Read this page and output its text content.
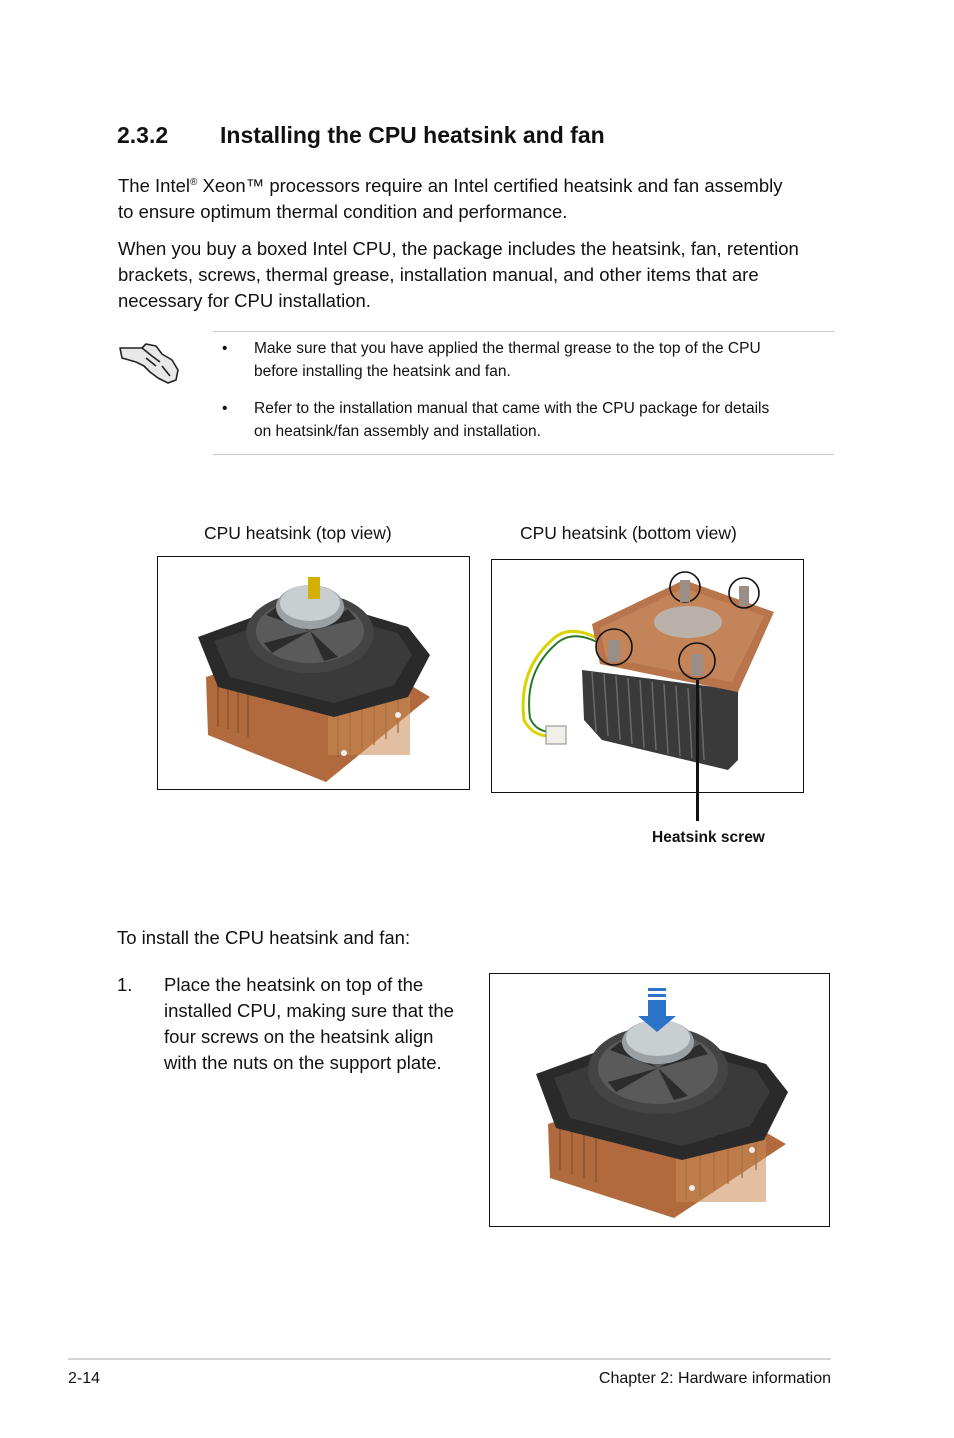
2.3.2 Installing the CPU heatsink and fan

The Intel® Xeon™ processors require an Intel certified heatsink and fan assembly
to ensure optimum thermal condition and performance.

When you buy a boxed Intel CPU, the package includes the heatsink, fan, retention
brackets, screws, thermal grease, installation manual, and other items that are
necessary for CPU installation.

•	Make sure that you have applied the thermal grease to the top of the CPU
before installing the heatsink and fan.
•	Refer to the installation manual that came with the CPU package for details
on heatsink/fan assembly and installation.
CPU heatsink (top view)	CPU heatsink (bottom view)
Heatsink screw
To install the CPU heatsink and fan:
1.	Place the heatsink on top of the
installed CPU, making sure that the
four screws on the heatsink align
with the nuts on the support plate.
2-14	Chapter 2: Hardware information
